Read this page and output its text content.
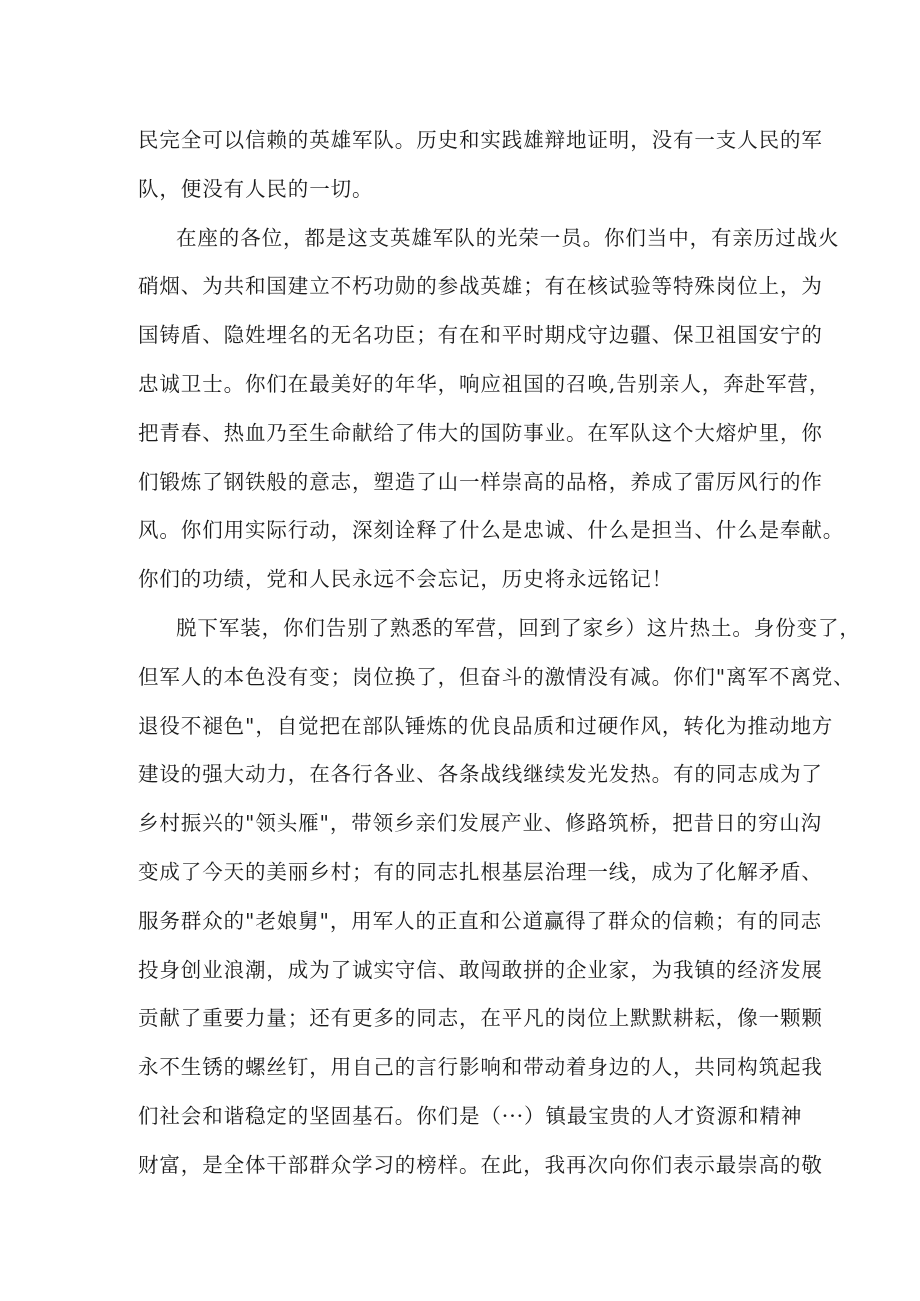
民完全可以信赖的英雄军队。历史和实践雄辩地证明，没有一支人民的军
队，便没有人民的一切。
在座的各位，都是这支英雄军队的光荣一员。你们当中，有亲历过战火
硝烟、为共和国建立不朽功勋的参战英雄；有在核试验等特殊岗位上，为
国铸盾、隐姓埋名的无名功臣；有在和平时期戍守边疆、保卫祖国安宁的
忠诚卫士。你们在最美好的年华，响应祖国的召唤,告别亲人，奔赴军营，
把青春、热血乃至生命献给了伟大的国防事业。在军队这个大熔炉里，你
们锻炼了钢铁般的意志，塑造了山一样崇高的品格，养成了雷厉风行的作
风。你们用实际行动，深刻诠释了什么是忠诚、什么是担当、什么是奉献。
你们的功绩，党和人民永远不会忘记，历史将永远铭记！
脱下军装，你们告别了熟悉的军营，回到了家乡）这片热土。身份变了，
但军人的本色没有变；岗位换了，但奋斗的激情没有减。你们"离军不离党、
退役不褪色"，自觉把在部队锤炼的优良品质和过硬作风，转化为推动地方
建设的强大动力，在各行各业、各条战线继续发光发热。有的同志成为了
乡村振兴的"领头雁"，带领乡亲们发展产业、修路筑桥，把昔日的穷山沟
变成了今天的美丽乡村；有的同志扎根基层治理一线，成为了化解矛盾、
服务群众的"老娘舅"，用军人的正直和公道赢得了群众的信赖；有的同志
投身创业浪潮，成为了诚实守信、敢闯敢拼的企业家，为我镇的经济发展
贡献了重要力量；还有更多的同志，在平凡的岗位上默默耕耘，像一颗颗
永不生锈的螺丝钉，用自己的言行影响和带动着身边的人，共同构筑起我
们社会和谐稳定的坚固基石。你们是（···）镇最宝贵的人才资源和精神
财富，是全体干部群众学习的榜样。在此，我再次向你们表示最崇高的敬
